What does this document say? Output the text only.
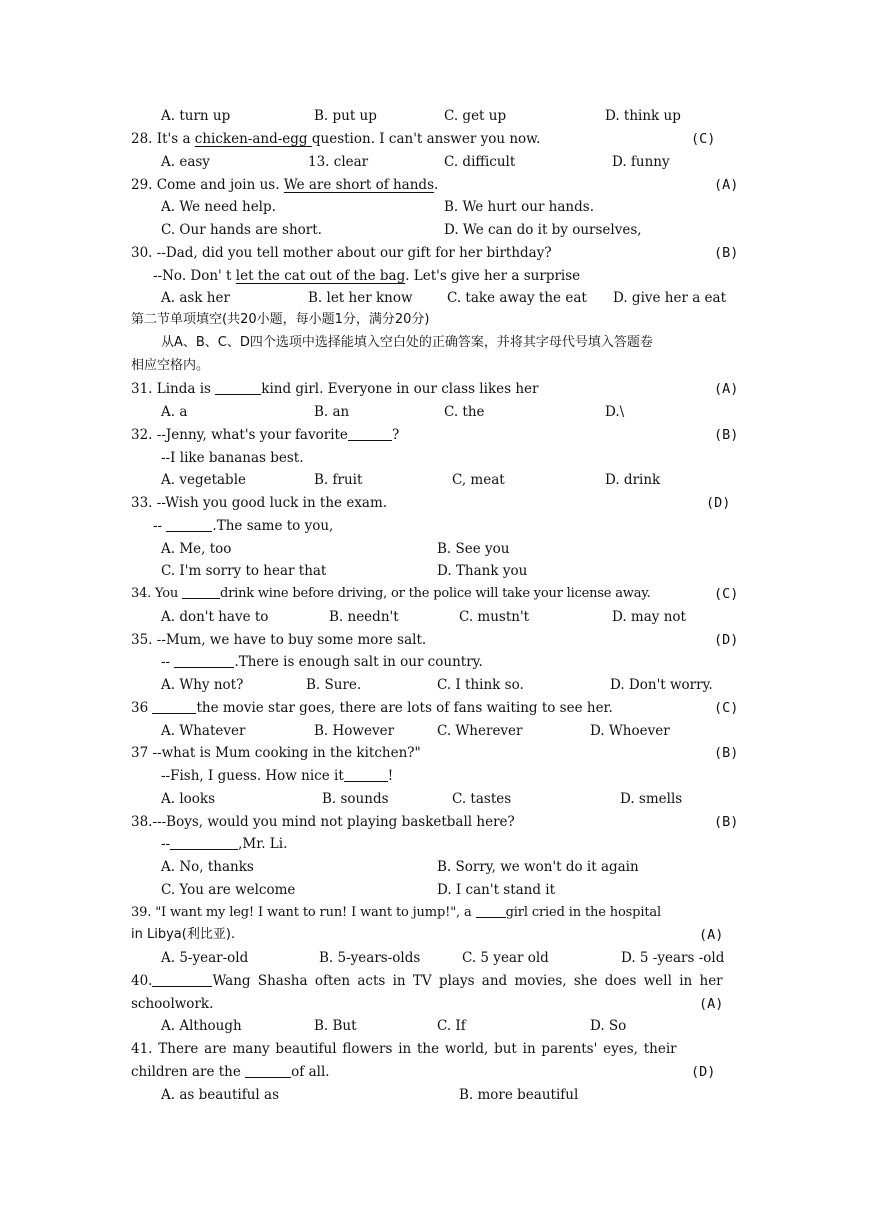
A. turn up	B. put up	C. get up	D. think up
28. It's a chicken-and-egg question. I can't answer you now.	(C)
A. easy	13. clear	C. difficult	D. funny
29. Come and join us. We are short of hands.	(A)
A. We need help.	B. We hurt our hands.
C. Our hands are short.	D. We can do it by ourselves,
30. --Dad, did you tell mother about our gift for her birthday?	(B)
--No. Don' t let the cat out of the bag. Let's give her a surprise
A. ask her	B. let her know	C. take away the eat D. give her a eat
第二节单项填空(共20小题，每小题1分，满分20分)
从A、B、C、D四个选项中选择能填入空白处的正确答案，并将其字母代号填入答题卷
相应空格内。
31. Linda is	kind girl. Everyone in our class likes her	(A)
A. a	B. an	C. the	D.\
32. --Jenny, what's your favorite	?	(B)
--I like bananas best.
A. vegetable	B. fruit	C, meat	D. drink
33. --Wish you good luck in the exam.	(D)
--	.The same to you,
A. Me, too	B. See you
C. I'm sorry to hear that	D. Thank you
34. You	drink wine before driving, or the police will take your license away.	(C)
A. don't have to	B. needn't	C. mustn't	D. may not
35. --Mum, we have to buy some more salt.	(D)
--	.There is enough salt in our country.
A. Why not?	B. Sure.	C. I think so.	D. Don't worry.
36	the movie star goes, there are lots of fans waiting to see her.	(C)
A. Whatever	B. However	C. Wherever	D. Whoever
37 --what is Mum cooking in the kitchen?"	(B)
--Fish, I guess. How nice it	!
A. looks	B. sounds	C. tastes	D. smells
38.---Boys, would you mind not playing basketball here?	(B)
--	,Mr. Li.
A. No, thanks	B. Sorry, we won't do it again
C. You are welcome	D. I can't stand it
39. "I want my leg! I want to run! I want to jump!", a girl cried in the hospital
in Libya(利比亚).	(A)
A. 5-year-old	B. 5-years-olds	C. 5 year old	D. 5 -years -old
40.	Wang Shasha often acts in TV plays and movies, she does well in her
schoolwork.	(A)
A. Although	B. But	C. If	D. So
41. There are many beautiful flowers in the world, but in parents' eyes, their
children are the	of all.	(D)
A. as beautiful as	B. more beautiful
